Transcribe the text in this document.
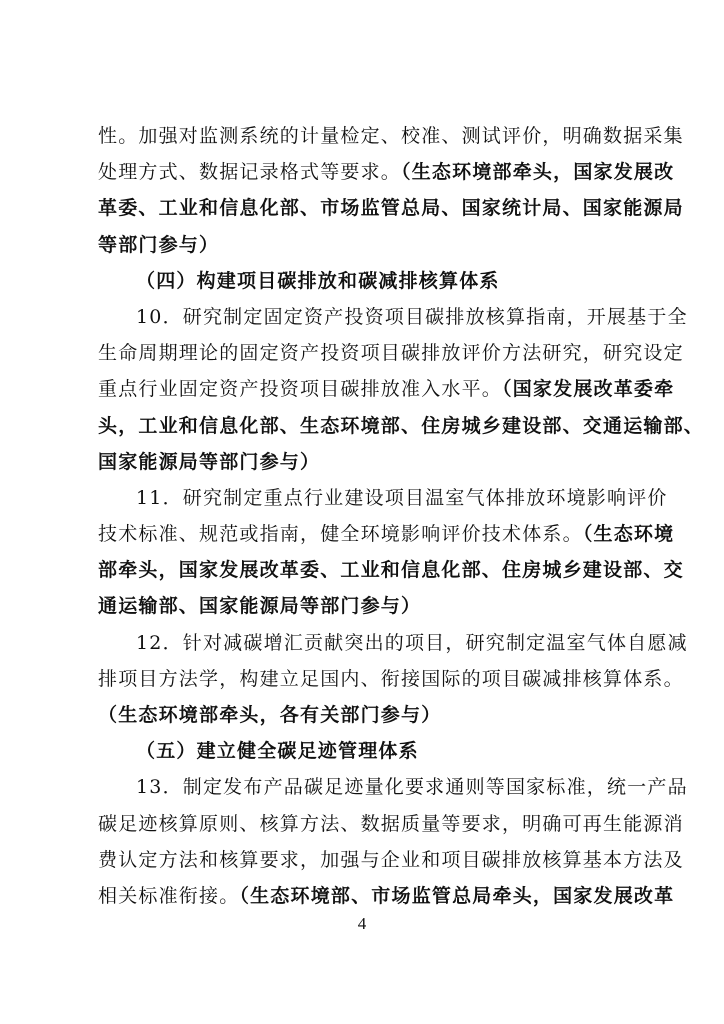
性。加强对监测系统的计量检定、校准、测试评价，明确数据采集
处理方式、数据记录格式等要求。（生态环境部牵头，国家发展改
革委、工业和信息化部、市场监管总局、国家统计局、国家能源局
等部门参与）
（四）构建项目碳排放和碳减排核算体系
10．研究制定固定资产投资项目碳排放核算指南，开展基于全
生命周期理论的固定资产投资项目碳排放评价方法研究，研究设定
重点行业固定资产投资项目碳排放准入水平。（国家发展改革委牵
头，工业和信息化部、生态环境部、住房城乡建设部、交通运输部、
国家能源局等部门参与）
11．研究制定重点行业建设项目温室气体排放环境影响评价
技术标准、规范或指南，健全环境影响评价技术体系。（生态环境
部牵头，国家发展改革委、工业和信息化部、住房城乡建设部、交
通运输部、国家能源局等部门参与）
12．针对减碳增汇贡献突出的项目，研究制定温室气体自愿减
排项目方法学，构建立足国内、衔接国际的项目碳减排核算体系。
（生态环境部牵头，各有关部门参与）
（五）建立健全碳足迹管理体系
13．制定发布产品碳足迹量化要求通则等国家标准，统一产品
碳足迹核算原则、核算方法、数据质量等要求，明确可再生能源消
费认定方法和核算要求，加强与企业和项目碳排放核算基本方法及
相关标准衔接。（生态环境部、市场监管总局牵头，国家发展改革
4
